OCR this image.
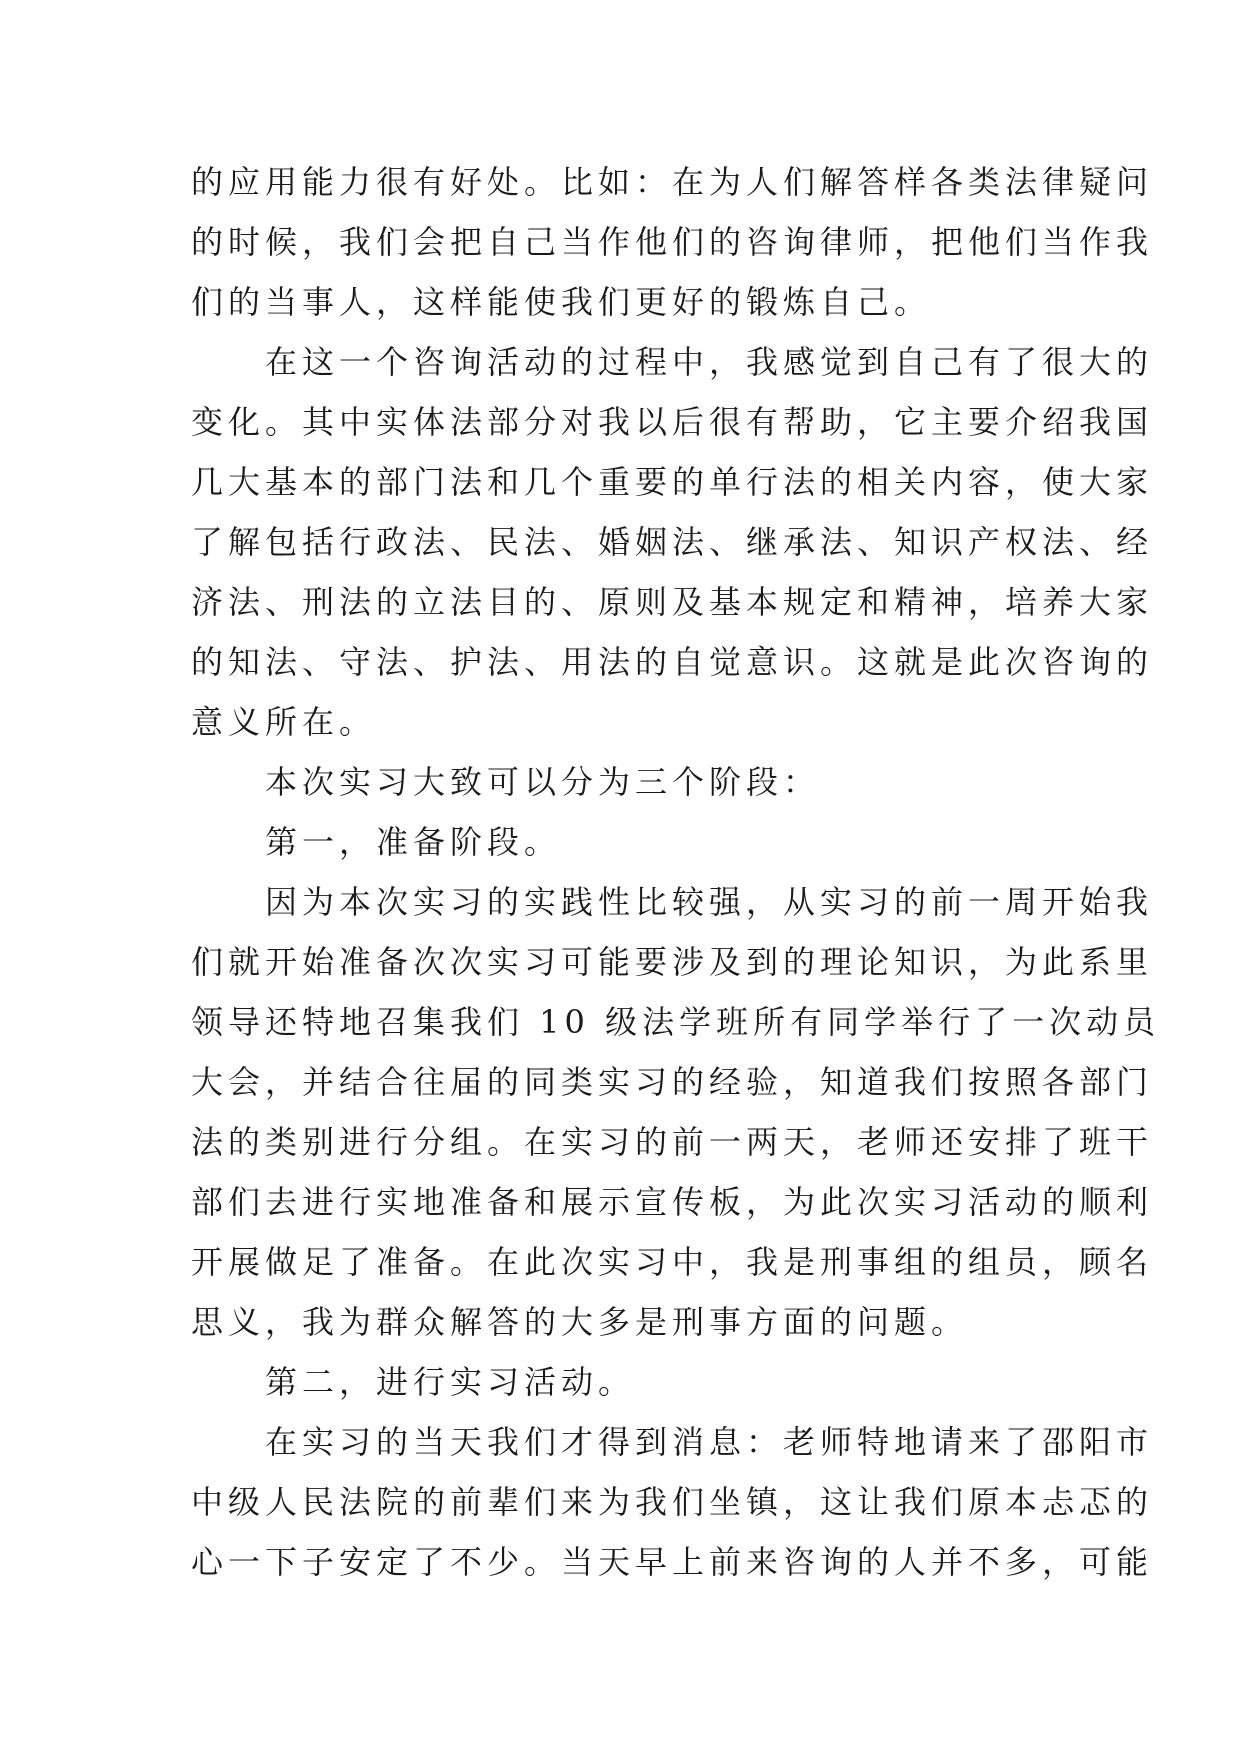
的应用能力很有好处。比如：在为人们解答样各类法律疑问
的时候，我们会把自己当作他们的咨询律师，把他们当作我
们的当事人，这样能使我们更好的锻炼自己。
在这一个咨询活动的过程中，我感觉到自己有了很大的
变化。其中实体法部分对我以后很有帮助，它主要介绍我国
几大基本的部门法和几个重要的单行法的相关内容，使大家
了解包括行政法、民法、婚姻法、继承法、知识产权法、经
济法、刑法的立法目的、原则及基本规定和精神，培养大家
的知法、守法、护法、用法的自觉意识。这就是此次咨询的
意义所在。
本次实习大致可以分为三个阶段：
第一，准备阶段。
因为本次实习的实践性比较强，从实习的前一周开始我
们就开始准备次次实习可能要涉及到的理论知识，为此系里
领导还特地召集我们 10 级法学班所有同学举行了一次动员
大会，并结合往届的同类实习的经验，知道我们按照各部门
法的类别进行分组。在实习的前一两天，老师还安排了班干
部们去进行实地准备和展示宣传板，为此次实习活动的顺利
开展做足了准备。在此次实习中，我是刑事组的组员，顾名
思义，我为群众解答的大多是刑事方面的问题。
第二，进行实习活动。
在实习的当天我们才得到消息：老师特地请来了邵阳市
中级人民法院的前辈们来为我们坐镇，这让我们原本忐忑的
心一下子安定了不少。当天早上前来咨询的人并不多，可能
